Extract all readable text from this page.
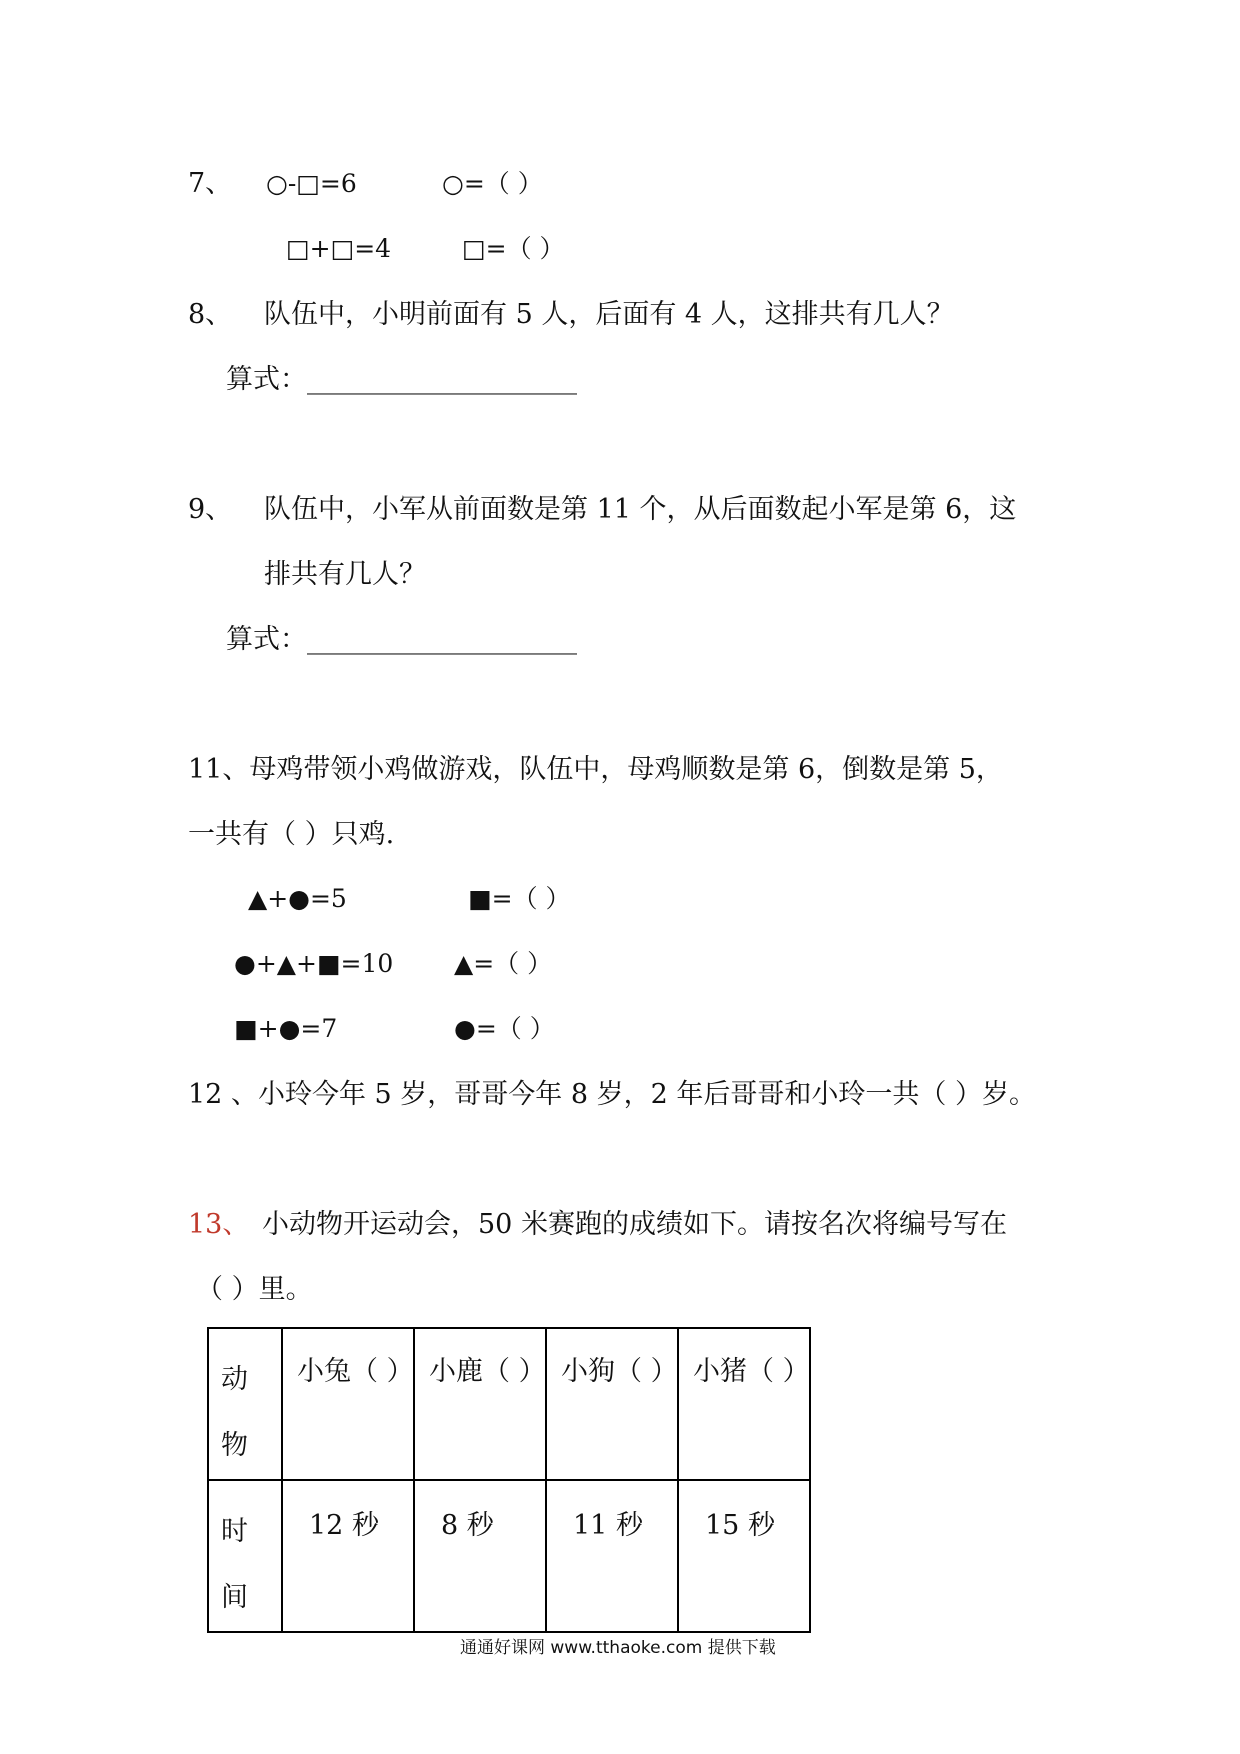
7、 ○-□=6	○=（ ）
□+□=4	□=（ ）
8、 队伍中，小明前面有 5 人，后面有 4 人，这排共有几人？
算式：____________________
9、 队伍中，小军从前面数是第 11 个，从后面数起小军是第 6，这
排共有几人？
算式：____________________
11、母鸡带领小鸡做游戏，队伍中，母鸡顺数是第 6，倒数是第 5，
一共有（ ）只鸡.
▲+●=5	■=（ ）
●+▲+■=10 ▲=（ ）
■+●=7	●=（ ）
12 、小玲今年 5 岁，哥哥今年 8 岁，2 年后哥哥和小玲一共（ ）岁。
13、 小动物开运动会，50 米赛跑的成绩如下。请按名次将编号写在
（ ）里。
动
物	小兔（ ）	小鹿（ ）	小狗（ ）	小猪（ ）

时
间	12 秒	8 秒	11 秒	15 秒
通通好课网 www.tthaoke.com 提供下载
